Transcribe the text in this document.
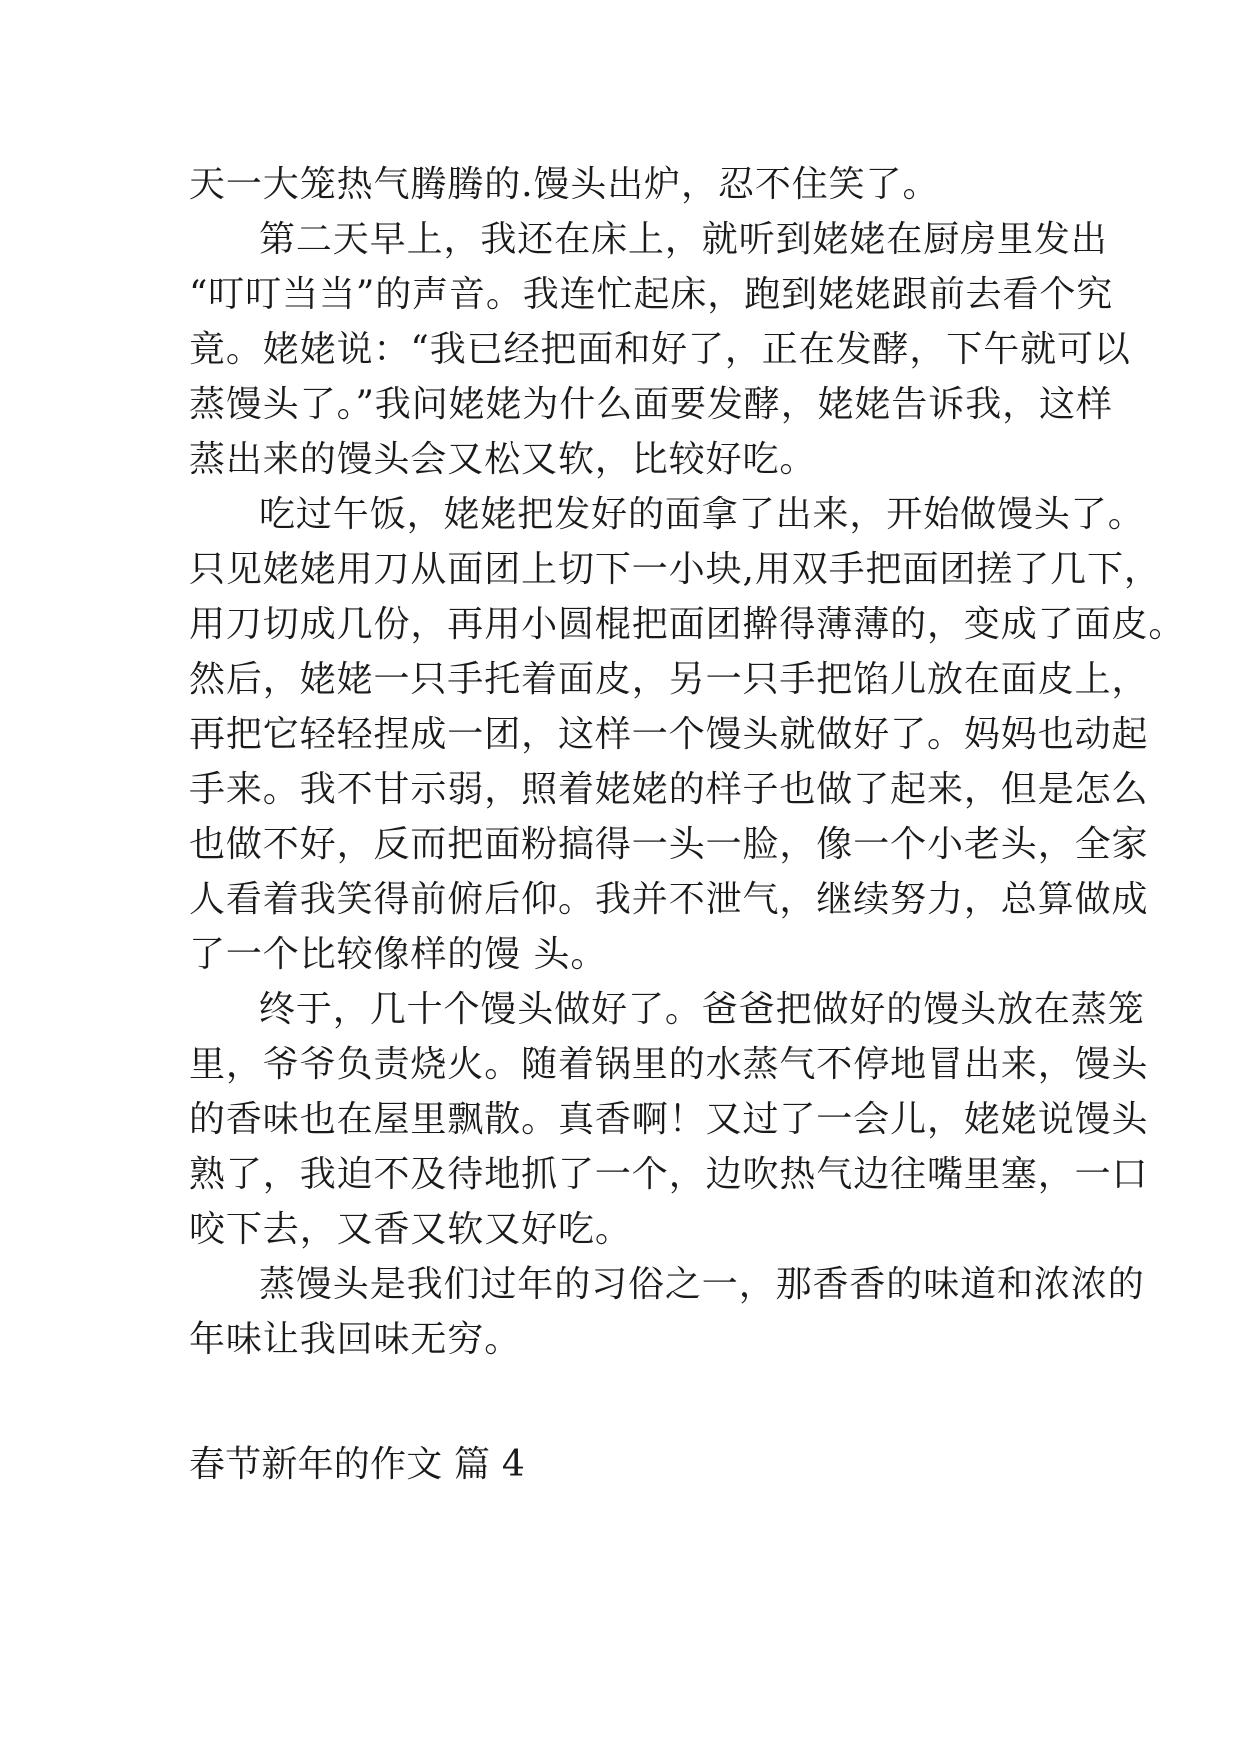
天一大笼热气腾腾的.馒头出炉，忍不住笑了。
第二天早上，我还在床上，就听到姥姥在厨房里发出
“叮叮当当”的声音。我连忙起床，跑到姥姥跟前去看个究
竟。姥姥说：“我已经把面和好了，正在发酵，下午就可以
蒸馒头了。”我问姥姥为什么面要发酵，姥姥告诉我，这样
蒸出来的馒头会又松又软，比较好吃。
吃过午饭，姥姥把发好的面拿了出来，开始做馒头了。
只见姥姥用刀从面团上切下一小块,用双手把面团搓了几下，
用刀切成几份，再用小圆棍把面团擀得薄薄的，变成了面皮。
然后，姥姥一只手托着面皮，另一只手把馅儿放在面皮上，
再把它轻轻捏成一团，这样一个馒头就做好了。妈妈也动起
手来。我不甘示弱，照着姥姥的样子也做了起来，但是怎么
也做不好，反而把面粉搞得一头一脸，像一个小老头，全家
人看着我笑得前俯后仰。我并不泄气，继续努力，总算做成
了一个比较像样的馒 头。
终于，几十个馒头做好了。爸爸把做好的馒头放在蒸笼
里，爷爷负责烧火。随着锅里的水蒸气不停地冒出来，馒头
的香味也在屋里飘散。真香啊！又过了一会儿，姥姥说馒头
熟了，我迫不及待地抓了一个，边吹热气边往嘴里塞，一口
咬下去，又香又软又好吃。
蒸馒头是我们过年的习俗之一，那香香的味道和浓浓的
年味让我回味无穷。
春节新年的作文 篇 4
